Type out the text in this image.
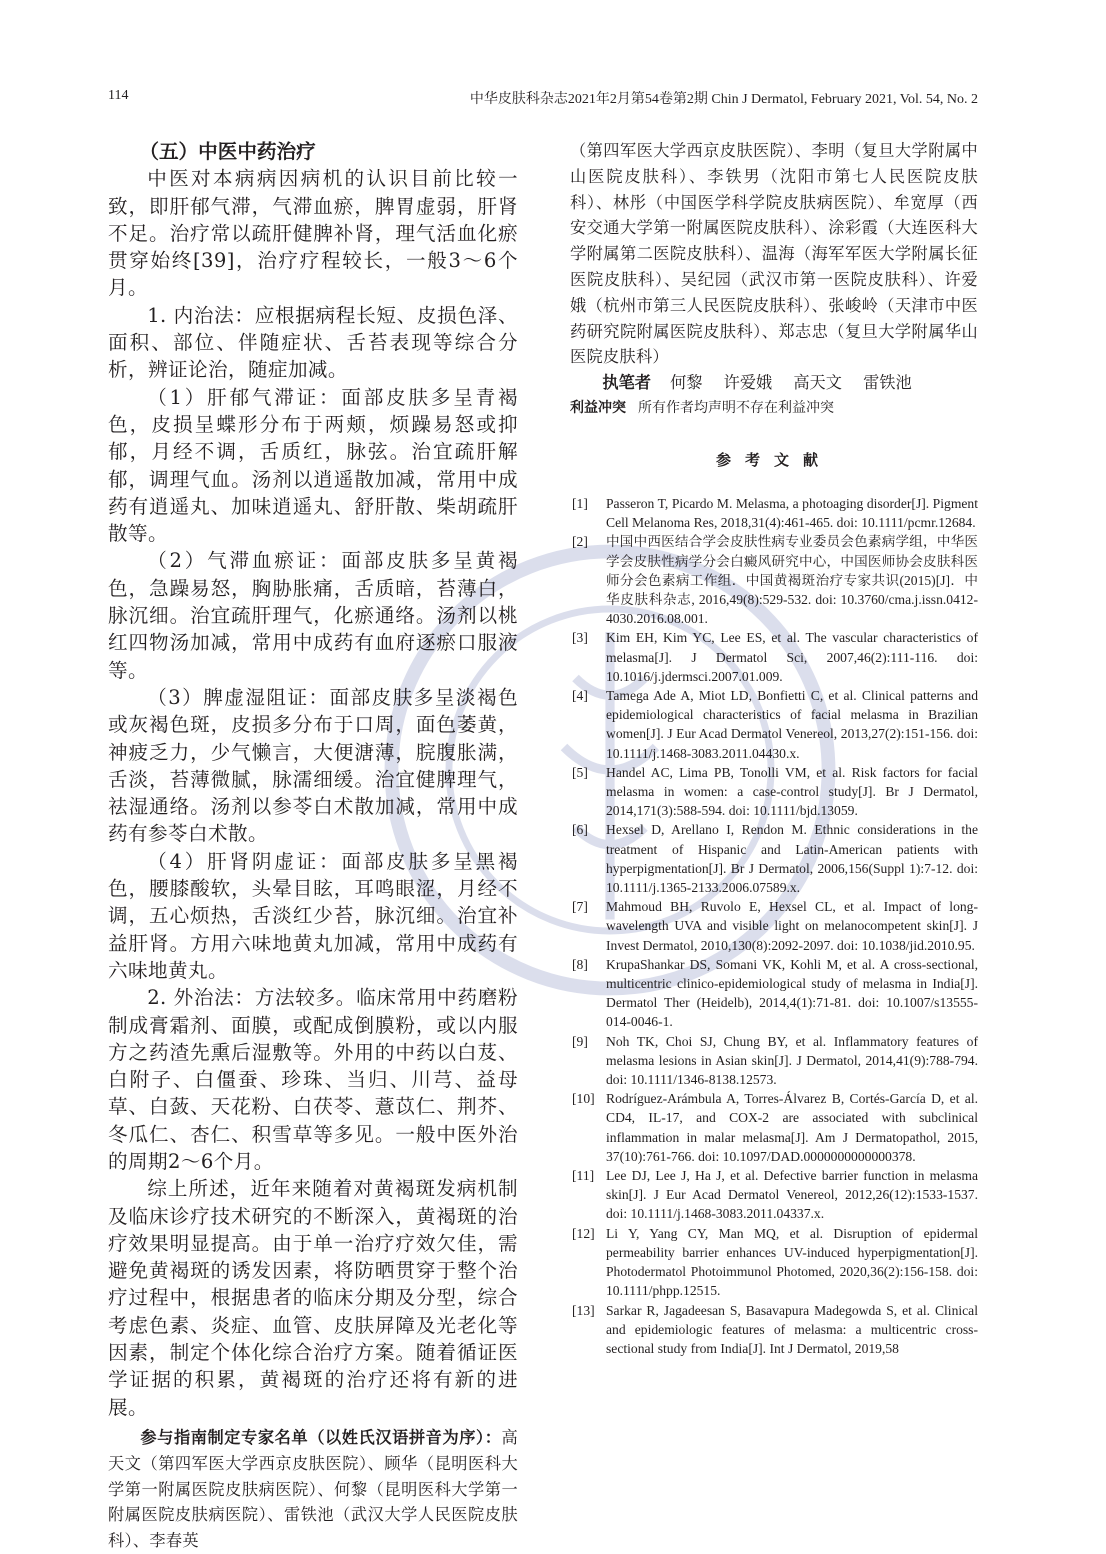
114	中华皮肤科杂志2021年2月第54卷第2期 Chin J Dermatol, February 2021, Vol. 54, No. 2

（五）中医中药治疗

中医对本病病因病机的认识目前比较一致，即肝郁气滞，气滞血瘀，脾胃虚弱，肝肾不足。治疗常以疏肝健脾补肾，理气活血化瘀贯穿始终[39]，治疗疗程较长，一般3～6个月。

1. 内治法：应根据病程长短、皮损色泽、面积、部位、伴随症状、舌苔表现等综合分析，辨证论治，随症加减。

（1）肝郁气滞证：面部皮肤多呈青褐色，皮损呈蝶形分布于两颊，烦躁易怒或抑郁，月经不调，舌质红，脉弦。治宜疏肝解郁，调理气血。汤剂以逍遥散加减，常用中成药有逍遥丸、加味逍遥丸、舒肝散、柴胡疏肝散等。

（2）气滞血瘀证：面部皮肤多呈黄褐色，急躁易怒，胸胁胀痛，舌质暗，苔薄白，脉沉细。治宜疏肝理气，化瘀通络。汤剂以桃红四物汤加减，常用中成药有血府逐瘀口服液等。

（3）脾虚湿阻证：面部皮肤多呈淡褐色或灰褐色斑，皮损多分布于口周，面色萎黄，神疲乏力，少气懒言，大便溏薄，脘腹胀满，舌淡，苔薄微腻，脉濡细缓。治宜健脾理气，祛湿通络。汤剂以参苓白术散加减，常用中成药有参苓白术散。

（4）肝肾阴虚证：面部皮肤多呈黑褐色，腰膝酸软，头晕目眩，耳鸣眼涩，月经不调，五心烦热，舌淡红少苔，脉沉细。治宜补益肝肾。方用六味地黄丸加减，常用中成药有六味地黄丸。

2. 外治法：方法较多。临床常用中药磨粉制成膏霜剂、面膜，或配成倒膜粉，或以内服方之药渣先熏后湿敷等。外用的中药以白芨、白附子、白僵蚕、珍珠、当归、川芎、益母草、白蔹、天花粉、白茯苓、薏苡仁、荆芥、冬瓜仁、杏仁、积雪草等多见。一般中医外治的周期2～6个月。

综上所述，近年来随着对黄褐斑发病机制及临床诊疗技术研究的不断深入，黄褐斑的治疗效果明显提高。由于单一治疗疗效欠佳，需避免黄褐斑的诱发因素，将防晒贯穿于整个治疗过程中，根据患者的临床分期及分型，综合考虑色素、炎症、血管、皮肤屏障及光老化等因素，制定个体化综合治疗方案。随着循证医学证据的积累，黄褐斑的治疗还将有新的进展。

参与指南制定专家名单（以姓氏汉语拼音为序）：高天文（第四军医大学西京皮肤医院）、顾华（昆明医科大学第一附属医院皮肤病医院）、何黎（昆明医科大学第一附属医院皮肤病医院）、雷铁池（武汉大学人民医院皮肤科）、李春英

（第四军医大学西京皮肤医院）、李明（复旦大学附属中山医院皮肤科）、李铁男（沈阳市第七人民医院皮肤科）、林彤（中国医学科学院皮肤病医院）、牟宽厚（西安交通大学第一附属医院皮肤科）、涂彩霞（大连医科大学附属第二医院皮肤科）、温海（海军军医大学附属长征医院皮肤科）、吴纪园（武汉市第一医院皮肤科）、许爱娥（杭州市第三人民医院皮肤科）、张峻岭（天津市中医药研究院附属医院皮肤科）、郑志忠（复旦大学附属华山医院皮肤科）

执笔者 何黎 许爱娥 高天文 雷铁池

利益冲突 所有作者均声明不存在利益冲突

参考文献
[1] Passeron T, Picardo M. Melasma, a photoaging disorder[J]. Pigment Cell Melanoma Res, 2018,31(4):461-465. doi: 10.1111/pcmr.12684.
[2] 中国中西医结合学会皮肤性病专业委员会色素病学组，中华医学会皮肤性病学分会白癜风研究中心，中国医师协会皮肤科医师分会色素病工作组．中国黄褐斑治疗专家共识(2015)[J]．中华皮肤科杂志, 2016,49(8):529-532. doi: 10.3760/cma.j.issn.0412-4030.2016.08.001.
[3] Kim EH, Kim YC, Lee ES, et al. The vascular characteristics of melasma[J]. J Dermatol Sci, 2007,46(2):111-116. doi: 10.1016/j.jdermsci.2007.01.009.
[4] Tamega Ade A, Miot LD, Bonfietti C, et al. Clinical patterns and epidemiological characteristics of facial melasma in Brazilian women[J]. J Eur Acad Dermatol Venereol, 2013,27(2):151-156. doi: 10.1111/j.1468-3083.2011.04430.x.
[5] Handel AC, Lima PB, Tonolli VM, et al. Risk factors for facial melasma in women: a case-control study[J]. Br J Dermatol, 2014,171(3):588-594. doi: 10.1111/bjd.13059.
[6] Hexsel D, Arellano I, Rendon M. Ethnic considerations in the treatment of Hispanic and Latin-American patients with hyperpigmentation[J]. Br J Dermatol, 2006,156(Suppl 1):7-12. doi: 10.1111/j.1365-2133.2006.07589.x.
[7] Mahmoud BH, Ruvolo E, Hexsel CL, et al. Impact of long-wavelength UVA and visible light on melanocompetent skin[J]. J Invest Dermatol, 2010,130(8):2092-2097. doi: 10.1038/jid.2010.95.
[8] KrupaShankar DS, Somani VK, Kohli M, et al. A cross-sectional, multicentric clinico-epidemiological study of melasma in India[J]. Dermatol Ther (Heidelb), 2014,4(1):71-81. doi: 10.1007/s13555-014-0046-1.
[9] Noh TK, Choi SJ, Chung BY, et al. Inflammatory features of melasma lesions in Asian skin[J]. J Dermatol, 2014,41(9):788-794. doi: 10.1111/1346-8138.12573.
[10] Rodríguez-Arámbula A, Torres-Álvarez B, Cortés-García D, et al. CD4, IL-17, and COX-2 are associated with subclinical inflammation in malar melasma[J]. Am J Dermatopathol, 2015, 37(10):761-766. doi: 10.1097/DAD.0000000000000378.
[11] Lee DJ, Lee J, Ha J, et al. Defective barrier function in melasma skin[J]. J Eur Acad Dermatol Venereol, 2012,26(12):1533-1537. doi: 10.1111/j.1468-3083.2011.04337.x.
[12] Li Y, Yang CY, Man MQ, et al. Disruption of epidermal permeability barrier enhances UV-induced hyperpigmentation[J]. Photodermatol Photoimmunol Photomed, 2020,36(2):156-158. doi: 10.1111/phpp.12515.
[13] Sarkar R, Jagadeesan S, Basavapura Madegowda S, et al. Clinical and epidemiologic features of melasma: a multicentric cross-sectional study from India[J]. Int J Dermatol, 2019,58
